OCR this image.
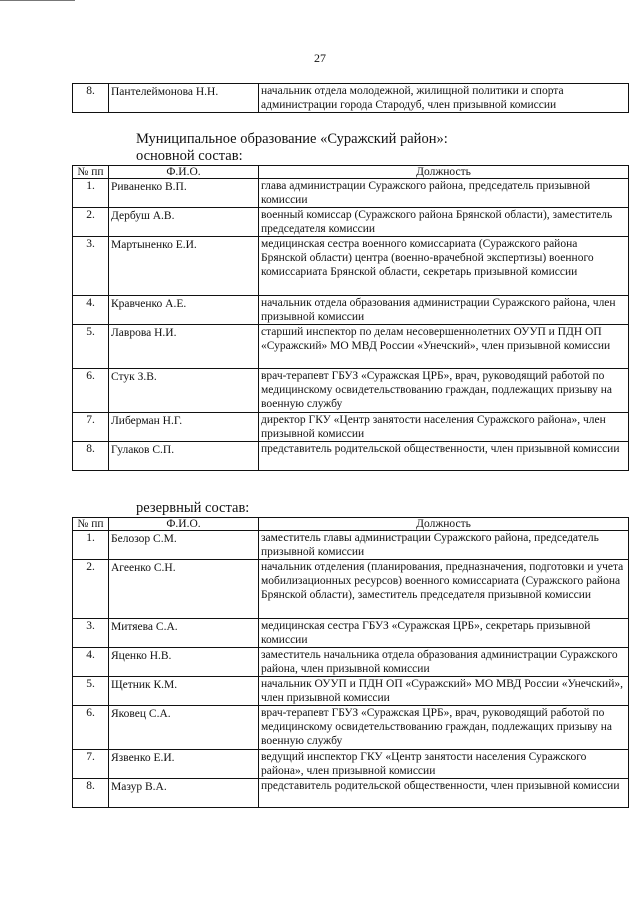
27
8.	Пантелеймонова Н.Н.	начальник отдела молодежной, жилищной политики и спорта администрации города Стародуб, член призывной комиссии
Муниципальное образование «Суражский район»:
основной состав:
№ пп	Ф.И.О.	Должность
1.	Риваненко В.П.	глава администрации Суражского района, председатель призывной комиссии
2.	Дербуш А.В.	военный комиссар (Суражского района Брянской области), заместитель председателя комиссии
3.	Мартыненко Е.И.	медицинская сестра военного комиссариата (Суражского района Брянской области) центра (военно-врачебной экспертизы) военного комиссариата Брянской области, секретарь призывной комиссии
4.	Кравченко А.Е.	начальник отдела образования администрации Суражского района, член призывной комиссии
5.	Лаврова Н.И.	старший инспектор по делам несовершеннолетних ОУУП и ПДН ОП «Суражский» МО МВД России «Унечский», член призывной комиссии
6.	Стук З.В.	врач-терапевт ГБУЗ «Суражская ЦРБ», врач, руководящий работой по медицинскому освидетельствованию граждан, подлежащих призыву на военную службу
7.	Либерман Н.Г.	директор ГКУ «Центр занятости населения Суражского района», член призывной комиссии
8.	Гулаков С.П.	представитель родительской общественности, член призывной комиссии
резервный состав:
№ пп	Ф.И.О.	Должность
1.	Белозор С.М.	заместитель главы администрации Суражского района, председатель призывной комиссии
2.	Агеенко С.Н.	начальник отделения (планирования, предназначения, подготовки и учета мобилизационных ресурсов) военного комиссариата (Суражского района Брянской области), заместитель председателя призывной комиссии
3.	Митяева С.А.	медицинская сестра ГБУЗ «Суражская ЦРБ», секретарь призывной комиссии
4.	Яценко Н.В.	заместитель начальника отдела образования администрации Суражского района, член призывной комиссии
5.	Щетник К.М.	начальник ОУУП и ПДН ОП «Суражский» МО МВД России «Унечский», член призывной комиссии
6.	Яковец С.А.	врач-терапевт ГБУЗ «Суражская ЦРБ», врач, руководящий работой по медицинскому освидетельствованию граждан, подлежащих призыву на военную службу
7.	Язвенко Е.И.	ведущий инспектор ГКУ «Центр занятости населения Суражского района», член призывной комиссии
8.	Мазур В.А.	представитель родительской общественности, член призывной комиссии
